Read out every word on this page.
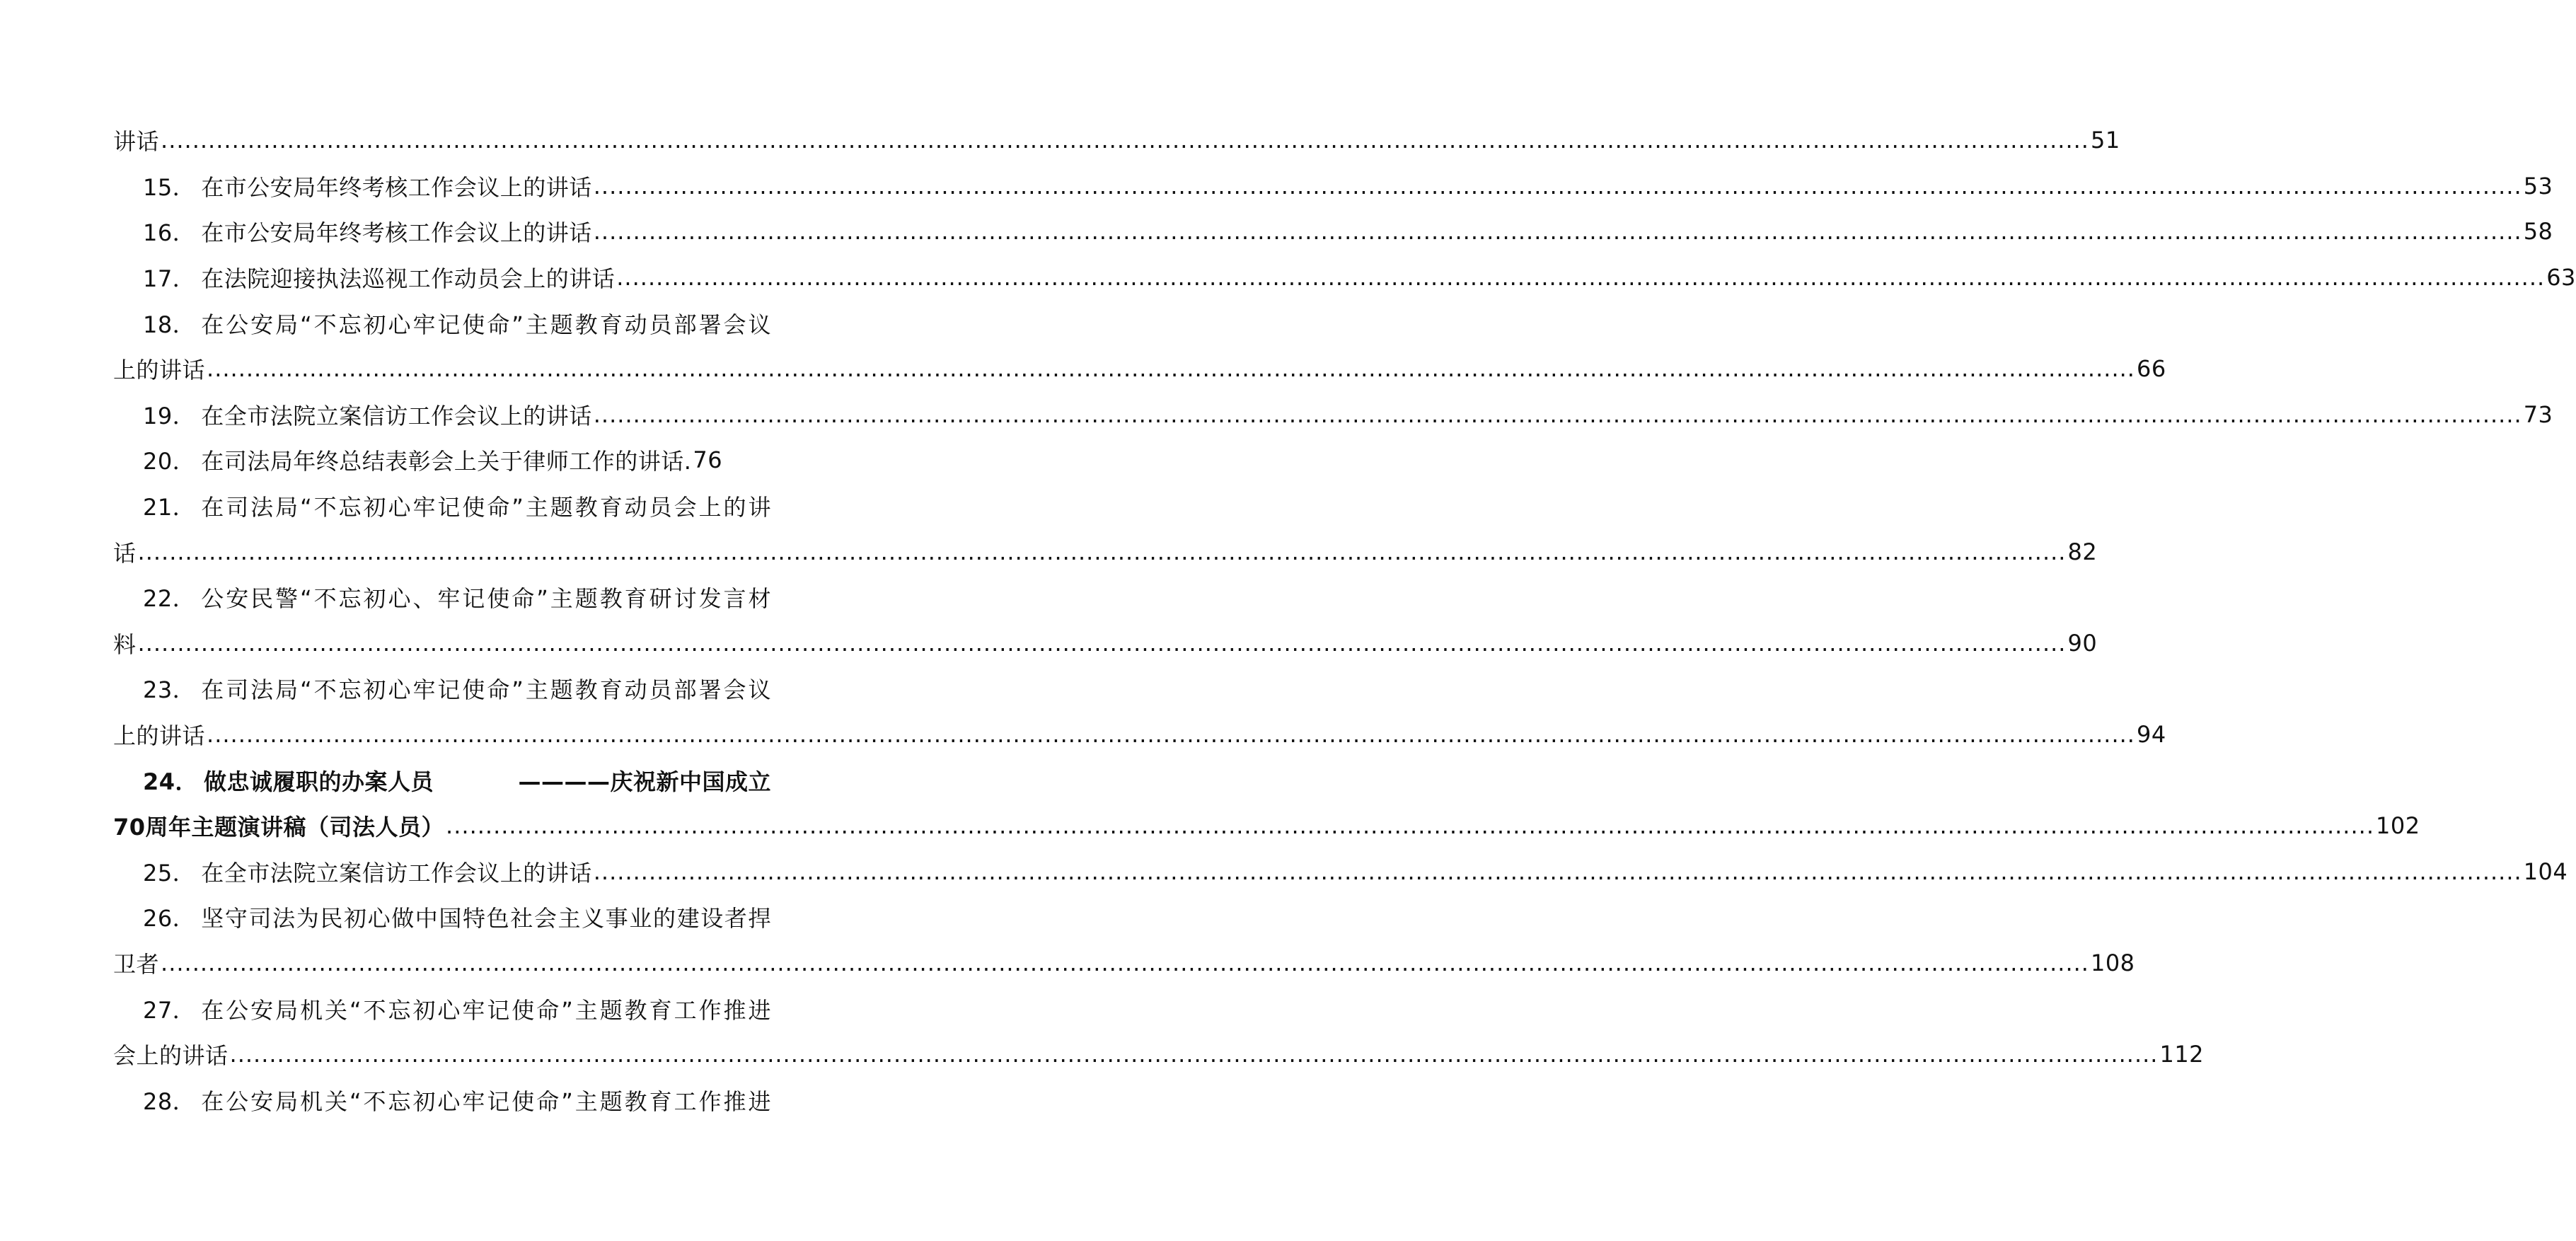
讲话 .....	51
15． 在市公安局年终考核工作会议上的讲话 .....	53
16． 在市公安局年终考核工作会议上的讲话 .....	58
17． 在法院迎接执法巡视工作动员会上的讲话 .....	63
18． 在公安局“不忘初心牢记使命”主题教育动员部署会议
上的讲话 .....	66
19． 在全市法院立案信访工作会议上的讲话 .....	73
20． 在司法局年终总结表彰会上关于律师工作的讲话. 76
21． 在司法局“不忘初心牢记使命”主题教育动员会上的讲
话 .....	82
22． 公安民警“不忘初心、牢记使命”主题教育研讨发言材
料 .....	90
23． 在司法局“不忘初心牢记使命”主题教育动员部署会议
上的讲话 .....	94
24． 做忠诚履职的办案人员	————庆祝新中国成立
70周年主题演讲稿（司法人员） .....	102
25． 在全市法院立案信访工作会议上的讲话 .....	104
26． 坚守司法为民初心做中国特色社会主义事业的建设者捍
卫者 .....	108
27． 在公安局机关“不忘初心牢记使命”主题教育工作推进
会上的讲话 .....	112
28． 在公安局机关“不忘初心牢记使命”主题教育工作推进
